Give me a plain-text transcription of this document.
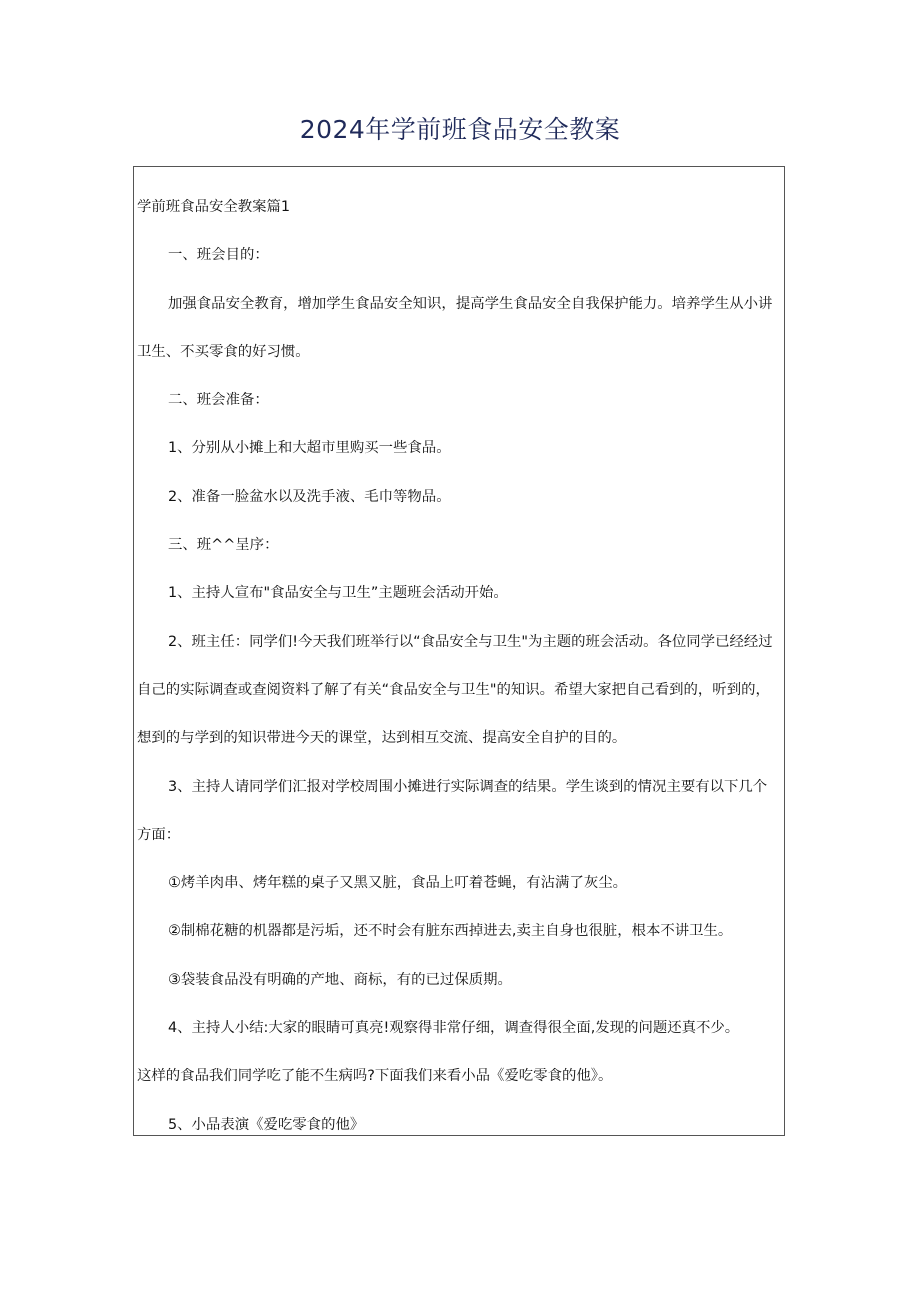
2024年学前班食品安全教案

学前班食品安全教案篇1

一、班会目的：

加强食品安全教育，增加学生食品安全知识，提高学生食品安全自我保护能力。培养学生从小讲

卫生、不买零食的好习惯。

二、班会准备：

1、分别从小摊上和大超市里购买一些食品。

2、准备一脸盆水以及洗手液、毛巾等物品。

三、班^^呈序：

1、主持人宣布"食品安全与卫生”主题班会活动开始。

2、班主任：同学们!今天我们班举行以“食品安全与卫生"为主题的班会活动。各位同学已经经过

自己的实际调查或查阅资料了解了有关“食品安全与卫生"的知识。希望大家把自己看到的，听到的，

想到的与学到的知识带进今天的课堂，达到相互交流、提高安全自护的目的。

3、主持人请同学们汇报对学校周围小摊进行实际调查的结果。学生谈到的情况主要有以下几个

方面：

①烤羊肉串、烤年糕的桌子又黑又脏，食品上叮着苍蝇，有沾满了灰尘。

②制棉花糖的机器都是污垢，还不时会有脏东西掉进去,卖主自身也很脏，根本不讲卫生。

③袋装食品没有明确的产地、商标，有的已过保质期。

4、主持人小结:大家的眼睛可真亮!观察得非常仔细，调查得很全面,发现的问题还真不少。

这样的食品我们同学吃了能不生病吗?下面我们来看小品《爱吃零食的他》。

5、小品表演《爱吃零食的他》
